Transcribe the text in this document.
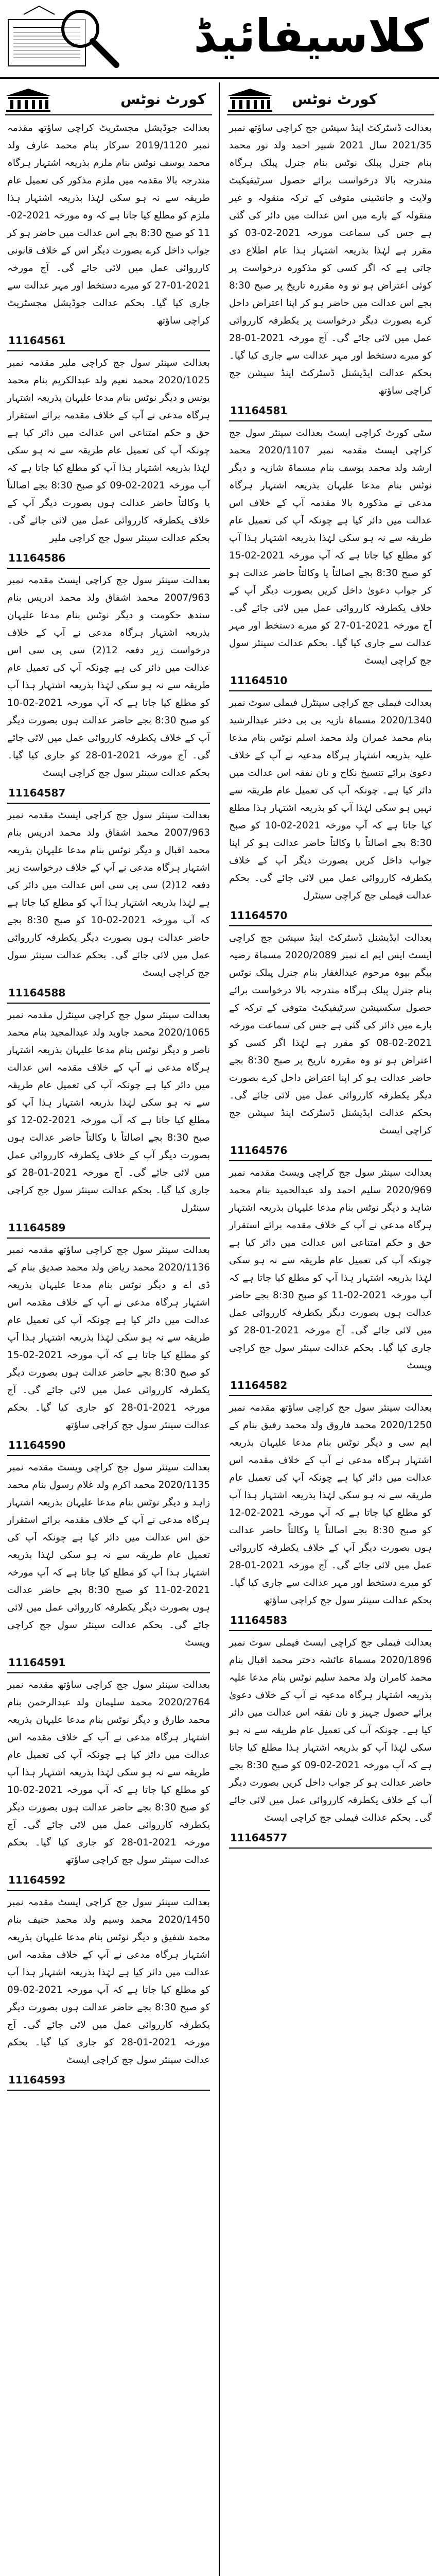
کلاسیفائیڈ
کورٹ نوٹس
بعدالت ڈسٹرکٹ اینڈ سیشن جج کراچی ساؤتھ نمبر 2021/35 سال 2021 شبیر احمد ولد نور محمد بنام جنرل پبلک نوٹس بنام جنرل پبلک ہرگاہ مندرجہ بالا درخواست برائے حصول سرٹیفیکیٹ ولایت و جانشینی متوفی کے ترکہ منقولہ و غیر منقولہ کے بارے میں اس عدالت میں دائر کی گئی ہے جس کی سماعت مورخہ 2021-02-03 کو مقرر ہے لہٰذا بذریعہ اشتہار ہذا عام اطلاع دی جاتی ہے کہ اگر کسی کو مذکورہ درخواست پر کوئی اعتراض ہو تو وہ مقررہ تاریخ پر صبح 8:30 بجے اس عدالت میں حاضر ہو کر اپنا اعتراض داخل کرے بصورت دیگر درخواست پر یکطرفہ کارروائی عمل میں لائی جائے گی۔ آج مورخہ 2021-01-28 کو میرے دستخط اور مہر عدالت سے جاری کیا گیا۔ بحکم عدالت ایڈیشنل ڈسٹرکٹ اینڈ سیشن جج کراچی ساؤتھ
11164581
سٹی کورٹ کراچی ایسٹ بعدالت سینئر سول جج کراچی ایسٹ مقدمہ نمبر 2020/1107 محمد ارشد ولد محمد یوسف بنام مسماۃ شازیہ و دیگر نوٹس بنام مدعا علیہان بذریعہ اشتہار ہرگاہ مدعی نے مذکورہ بالا مقدمہ آپ کے خلاف اس عدالت میں دائر کیا ہے چونکہ آپ کی تعمیل عام طریقہ سے نہ ہو سکی لہٰذا بذریعہ اشتہار ہذا آپ کو مطلع کیا جاتا ہے کہ آپ مورخہ 2021-02-15 کو صبح 8:30 بجے اصالتاً یا وکالتاً حاضر عدالت ہو کر جواب دعویٰ داخل کریں بصورت دیگر آپ کے خلاف یکطرفہ کارروائی عمل میں لائی جائے گی۔ آج مورخہ 2021-01-27 کو میرے دستخط اور مہر عدالت سے جاری کیا گیا۔ بحکم عدالت سینئر سول جج کراچی ایسٹ
11164510
بعدالت فیملی جج کراچی سینٹرل فیملی سوٹ نمبر 2020/1340 مسماۃ نازیہ بی بی دختر عبدالرشید بنام محمد عمران ولد محمد اسلم نوٹس بنام مدعا علیہ بذریعہ اشتہار ہرگاہ مدعیہ نے آپ کے خلاف دعویٰ برائے تنسیخ نکاح و نان نفقہ اس عدالت میں دائر کیا ہے۔ چونکہ آپ کی تعمیل عام طریقہ سے نہیں ہو سکی لہٰذا آپ کو بذریعہ اشتہار ہذا مطلع کیا جاتا ہے کہ آپ مورخہ 2021-02-10 کو صبح 8:30 بجے اصالتاً یا وکالتاً حاضر عدالت ہو کر اپنا جواب داخل کریں بصورت دیگر آپ کے خلاف یکطرفہ کارروائی عمل میں لائی جائے گی۔ بحکم عدالت فیملی جج کراچی سینٹرل
11164570
بعدالت ایڈیشنل ڈسٹرکٹ اینڈ سیشن جج کراچی ایسٹ ایس ایم اے نمبر 2020/2089 مسماۃ رضیہ بیگم بیوہ مرحوم عبدالغفار بنام جنرل پبلک نوٹس بنام جنرل پبلک ہرگاہ مندرجہ بالا درخواست برائے حصول سکسیشن سرٹیفیکیٹ متوفی کے ترکہ کے بارے میں دائر کی گئی ہے جس کی سماعت مورخہ 2021-02-08 کو مقرر ہے لہٰذا اگر کسی کو اعتراض ہو تو وہ مقررہ تاریخ پر صبح 8:30 بجے حاضر عدالت ہو کر اپنا اعتراض داخل کرے بصورت دیگر یکطرفہ کارروائی عمل میں لائی جائے گی۔ بحکم عدالت ایڈیشنل ڈسٹرکٹ اینڈ سیشن جج کراچی ایسٹ
11164576
بعدالت سینئر سول جج کراچی ویسٹ مقدمہ نمبر 2020/969 سلیم احمد ولد عبدالحمید بنام محمد شاہد و دیگر نوٹس بنام مدعا علیہان بذریعہ اشتہار ہرگاہ مدعی نے آپ کے خلاف مقدمہ برائے استقرار حق و حکم امتناعی اس عدالت میں دائر کیا ہے چونکہ آپ کی تعمیل عام طریقہ سے نہ ہو سکی لہٰذا بذریعہ اشتہار ہذا آپ کو مطلع کیا جاتا ہے کہ آپ مورخہ 2021-02-11 کو صبح 8:30 بجے حاضر عدالت ہوں بصورت دیگر یکطرفہ کارروائی عمل میں لائی جائے گی۔ آج مورخہ 2021-01-28 کو جاری کیا گیا۔ بحکم عدالت سینئر سول جج کراچی ویسٹ
11164582
بعدالت سینئر سول جج کراچی ساؤتھ مقدمہ نمبر 2020/1250 محمد فاروق ولد محمد رفیق بنام کے ایم سی و دیگر نوٹس بنام مدعا علیہان بذریعہ اشتہار ہرگاہ مدعی نے آپ کے خلاف مقدمہ اس عدالت میں دائر کیا ہے چونکہ آپ کی تعمیل عام طریقہ سے نہ ہو سکی لہٰذا بذریعہ اشتہار ہذا آپ کو مطلع کیا جاتا ہے کہ آپ مورخہ 2021-02-12 کو صبح 8:30 بجے اصالتاً یا وکالتاً حاضر عدالت ہوں بصورت دیگر آپ کے خلاف یکطرفہ کارروائی عمل میں لائی جائے گی۔ آج مورخہ 2021-01-28 کو میرے دستخط اور مہر عدالت سے جاری کیا گیا۔ بحکم عدالت سینئر سول جج کراچی ساؤتھ
11164583
بعدالت فیملی جج کراچی ایسٹ فیملی سوٹ نمبر 2020/1896 مسماۃ عائشہ دختر محمد اقبال بنام محمد کامران ولد محمد سلیم نوٹس بنام مدعا علیہ بذریعہ اشتہار ہرگاہ مدعیہ نے آپ کے خلاف دعویٰ برائے حصول جہیز و نان نفقہ اس عدالت میں دائر کیا ہے۔ چونکہ آپ کی تعمیل عام طریقہ سے نہ ہو سکی لہٰذا آپ کو بذریعہ اشتہار ہذا مطلع کیا جاتا ہے کہ آپ مورخہ 2021-02-09 کو صبح 8:30 بجے حاضر عدالت ہو کر جواب داخل کریں بصورت دیگر آپ کے خلاف یکطرفہ کارروائی عمل میں لائی جائے گی۔ بحکم عدالت فیملی جج کراچی ایسٹ
11164577
کورٹ نوٹس
بعدالت جوڈیشل مجسٹریٹ کراچی ساؤتھ مقدمہ نمبر 2019/1120 سرکار بنام محمد عارف ولد محمد یوسف نوٹس بنام ملزم بذریعہ اشتہار ہرگاہ مندرجہ بالا مقدمہ میں ملزم مذکور کی تعمیل عام طریقہ سے نہ ہو سکی لہٰذا بذریعہ اشتہار ہذا ملزم کو مطلع کیا جاتا ہے کہ وہ مورخہ 2021-02-11 کو صبح 8:30 بجے اس عدالت میں حاضر ہو کر جواب داخل کرے بصورت دیگر اس کے خلاف قانونی کارروائی عمل میں لائی جائے گی۔ آج مورخہ 2021-01-27 کو میرے دستخط اور مہر عدالت سے جاری کیا گیا۔ بحکم عدالت جوڈیشل مجسٹریٹ کراچی ساؤتھ
11164561
بعدالت سینئر سول جج کراچی ملیر مقدمہ نمبر 2020/1025 محمد نعیم ولد عبدالکریم بنام محمد یونس و دیگر نوٹس بنام مدعا علیہان بذریعہ اشتہار ہرگاہ مدعی نے آپ کے خلاف مقدمہ برائے استقرار حق و حکم امتناعی اس عدالت میں دائر کیا ہے چونکہ آپ کی تعمیل عام طریقہ سے نہ ہو سکی لہٰذا بذریعہ اشتہار ہذا آپ کو مطلع کیا جاتا ہے کہ آپ مورخہ 2021-02-09 کو صبح 8:30 بجے اصالتاً یا وکالتاً حاضر عدالت ہوں بصورت دیگر آپ کے خلاف یکطرفہ کارروائی عمل میں لائی جائے گی۔ بحکم عدالت سینئر سول جج کراچی ملیر
11164586
بعدالت سینئر سول جج کراچی ایسٹ مقدمہ نمبر 2007/963 محمد اشفاق ولد محمد ادریس بنام سندھ حکومت و دیگر نوٹس بنام مدعا علیہان بذریعہ اشتہار ہرگاہ مدعی نے آپ کے خلاف درخواست زیر دفعہ 12(2) سی پی سی اس عدالت میں دائر کی ہے چونکہ آپ کی تعمیل عام طریقہ سے نہ ہو سکی لہٰذا بذریعہ اشتہار ہذا آپ کو مطلع کیا جاتا ہے کہ آپ مورخہ 2021-02-10 کو صبح 8:30 بجے حاضر عدالت ہوں بصورت دیگر آپ کے خلاف یکطرفہ کارروائی عمل میں لائی جائے گی۔ آج مورخہ 2021-01-28 کو جاری کیا گیا۔ بحکم عدالت سینئر سول جج کراچی ایسٹ
11164587
بعدالت سینئر سول جج کراچی ایسٹ مقدمہ نمبر 2007/963 محمد اشفاق ولد محمد ادریس بنام محمد اقبال و دیگر نوٹس بنام مدعا علیہان بذریعہ اشتہار ہرگاہ مدعی نے آپ کے خلاف درخواست زیر دفعہ 12(2) سی پی سی اس عدالت میں دائر کی ہے لہٰذا بذریعہ اشتہار ہذا آپ کو مطلع کیا جاتا ہے کہ آپ مورخہ 2021-02-10 کو صبح 8:30 بجے حاضر عدالت ہوں بصورت دیگر یکطرفہ کارروائی عمل میں لائی جائے گی۔ بحکم عدالت سینئر سول جج کراچی ایسٹ
11164588
بعدالت سینئر سول جج کراچی سینٹرل مقدمہ نمبر 2020/1065 محمد جاوید ولد عبدالمجید بنام محمد ناصر و دیگر نوٹس بنام مدعا علیہان بذریعہ اشتہار ہرگاہ مدعی نے آپ کے خلاف مقدمہ اس عدالت میں دائر کیا ہے چونکہ آپ کی تعمیل عام طریقہ سے نہ ہو سکی لہٰذا بذریعہ اشتہار ہذا آپ کو مطلع کیا جاتا ہے کہ آپ مورخہ 2021-02-12 کو صبح 8:30 بجے اصالتاً یا وکالتاً حاضر عدالت ہوں بصورت دیگر آپ کے خلاف یکطرفہ کارروائی عمل میں لائی جائے گی۔ آج مورخہ 2021-01-28 کو جاری کیا گیا۔ بحکم عدالت سینئر سول جج کراچی سینٹرل
11164589
بعدالت سینئر سول جج کراچی ساؤتھ مقدمہ نمبر 2020/1136 محمد ریاض ولد محمد صدیق بنام کے ڈی اے و دیگر نوٹس بنام مدعا علیہان بذریعہ اشتہار ہرگاہ مدعی نے آپ کے خلاف مقدمہ اس عدالت میں دائر کیا ہے چونکہ آپ کی تعمیل عام طریقہ سے نہ ہو سکی لہٰذا بذریعہ اشتہار ہذا آپ کو مطلع کیا جاتا ہے کہ آپ مورخہ 2021-02-15 کو صبح 8:30 بجے حاضر عدالت ہوں بصورت دیگر یکطرفہ کارروائی عمل میں لائی جائے گی۔ آج مورخہ 2021-01-28 کو جاری کیا گیا۔ بحکم عدالت سینئر سول جج کراچی ساؤتھ
11164590
بعدالت سینئر سول جج کراچی ویسٹ مقدمہ نمبر 2020/1135 محمد اکرم ولد غلام رسول بنام محمد زاہد و دیگر نوٹس بنام مدعا علیہان بذریعہ اشتہار ہرگاہ مدعی نے آپ کے خلاف مقدمہ برائے استقرار حق اس عدالت میں دائر کیا ہے چونکہ آپ کی تعمیل عام طریقہ سے نہ ہو سکی لہٰذا بذریعہ اشتہار ہذا آپ کو مطلع کیا جاتا ہے کہ آپ مورخہ 2021-02-11 کو صبح 8:30 بجے حاضر عدالت ہوں بصورت دیگر یکطرفہ کارروائی عمل میں لائی جائے گی۔ بحکم عدالت سینئر سول جج کراچی ویسٹ
11164591
بعدالت سینئر سول جج کراچی ساؤتھ مقدمہ نمبر 2020/2764 محمد سلیمان ولد عبدالرحمن بنام محمد طارق و دیگر نوٹس بنام مدعا علیہان بذریعہ اشتہار ہرگاہ مدعی نے آپ کے خلاف مقدمہ اس عدالت میں دائر کیا ہے چونکہ آپ کی تعمیل عام طریقہ سے نہ ہو سکی لہٰذا بذریعہ اشتہار ہذا آپ کو مطلع کیا جاتا ہے کہ آپ مورخہ 2021-02-10 کو صبح 8:30 بجے حاضر عدالت ہوں بصورت دیگر یکطرفہ کارروائی عمل میں لائی جائے گی۔ آج مورخہ 2021-01-28 کو جاری کیا گیا۔ بحکم عدالت سینئر سول جج کراچی ساؤتھ
11164592
بعدالت سینئر سول جج کراچی ایسٹ مقدمہ نمبر 2020/1450 محمد وسیم ولد محمد حنیف بنام محمد شفیق و دیگر نوٹس بنام مدعا علیہان بذریعہ اشتہار ہرگاہ مدعی نے آپ کے خلاف مقدمہ اس عدالت میں دائر کیا ہے لہٰذا بذریعہ اشتہار ہذا آپ کو مطلع کیا جاتا ہے کہ آپ مورخہ 2021-02-09 کو صبح 8:30 بجے حاضر عدالت ہوں بصورت دیگر یکطرفہ کارروائی عمل میں لائی جائے گی۔ آج مورخہ 2021-01-28 کو جاری کیا گیا۔ بحکم عدالت سینئر سول جج کراچی ایسٹ
11164593
